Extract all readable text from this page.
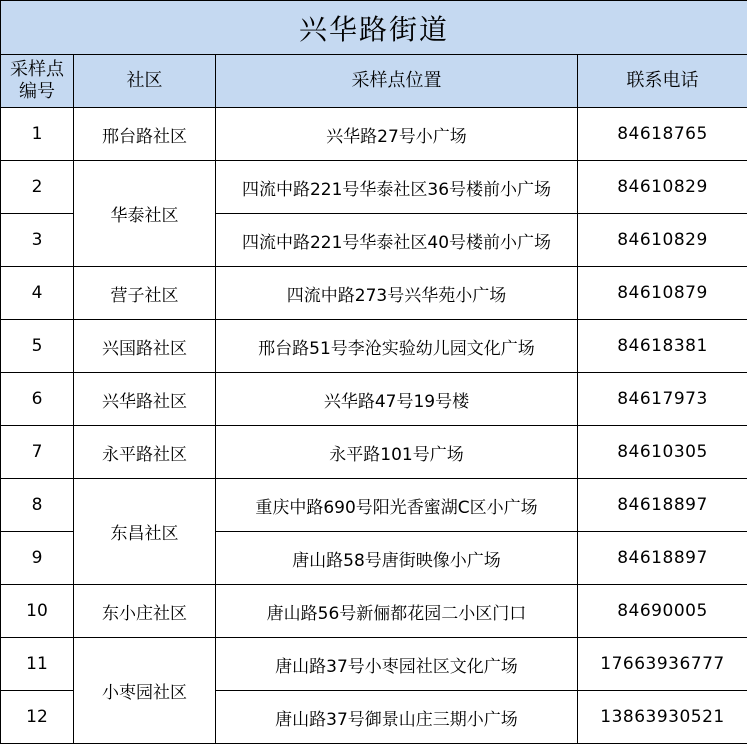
兴华路街道			
采样点
编号	社区	采样点位置	联系电话
1	邢台路社区	兴华路27号小广场	84618765
2	华泰社区	四流中路221号华泰社区36号楼前小广场	84610829
3		四流中路221号华泰社区40号楼前小广场	84610829
4	营子社区	四流中路273号兴华苑小广场	84610879
5	兴国路社区	邢台路51号李沧实验幼儿园文化广场	84618381
6	兴华路社区	兴华路47号19号楼	84617973
7	永平路社区	永平路101号广场	84610305
8	东昌社区	重庆中路690号阳光香蜜湖C区小广场	84618897
9		唐山路58号唐街映像小广场	84618897
10	东小庄社区	唐山路56号新俪都花园二小区门口	84690005
11	小枣园社区	唐山路37号小枣园社区文化广场	17663936777
12		唐山路37号御景山庄三期小广场	13863930521
